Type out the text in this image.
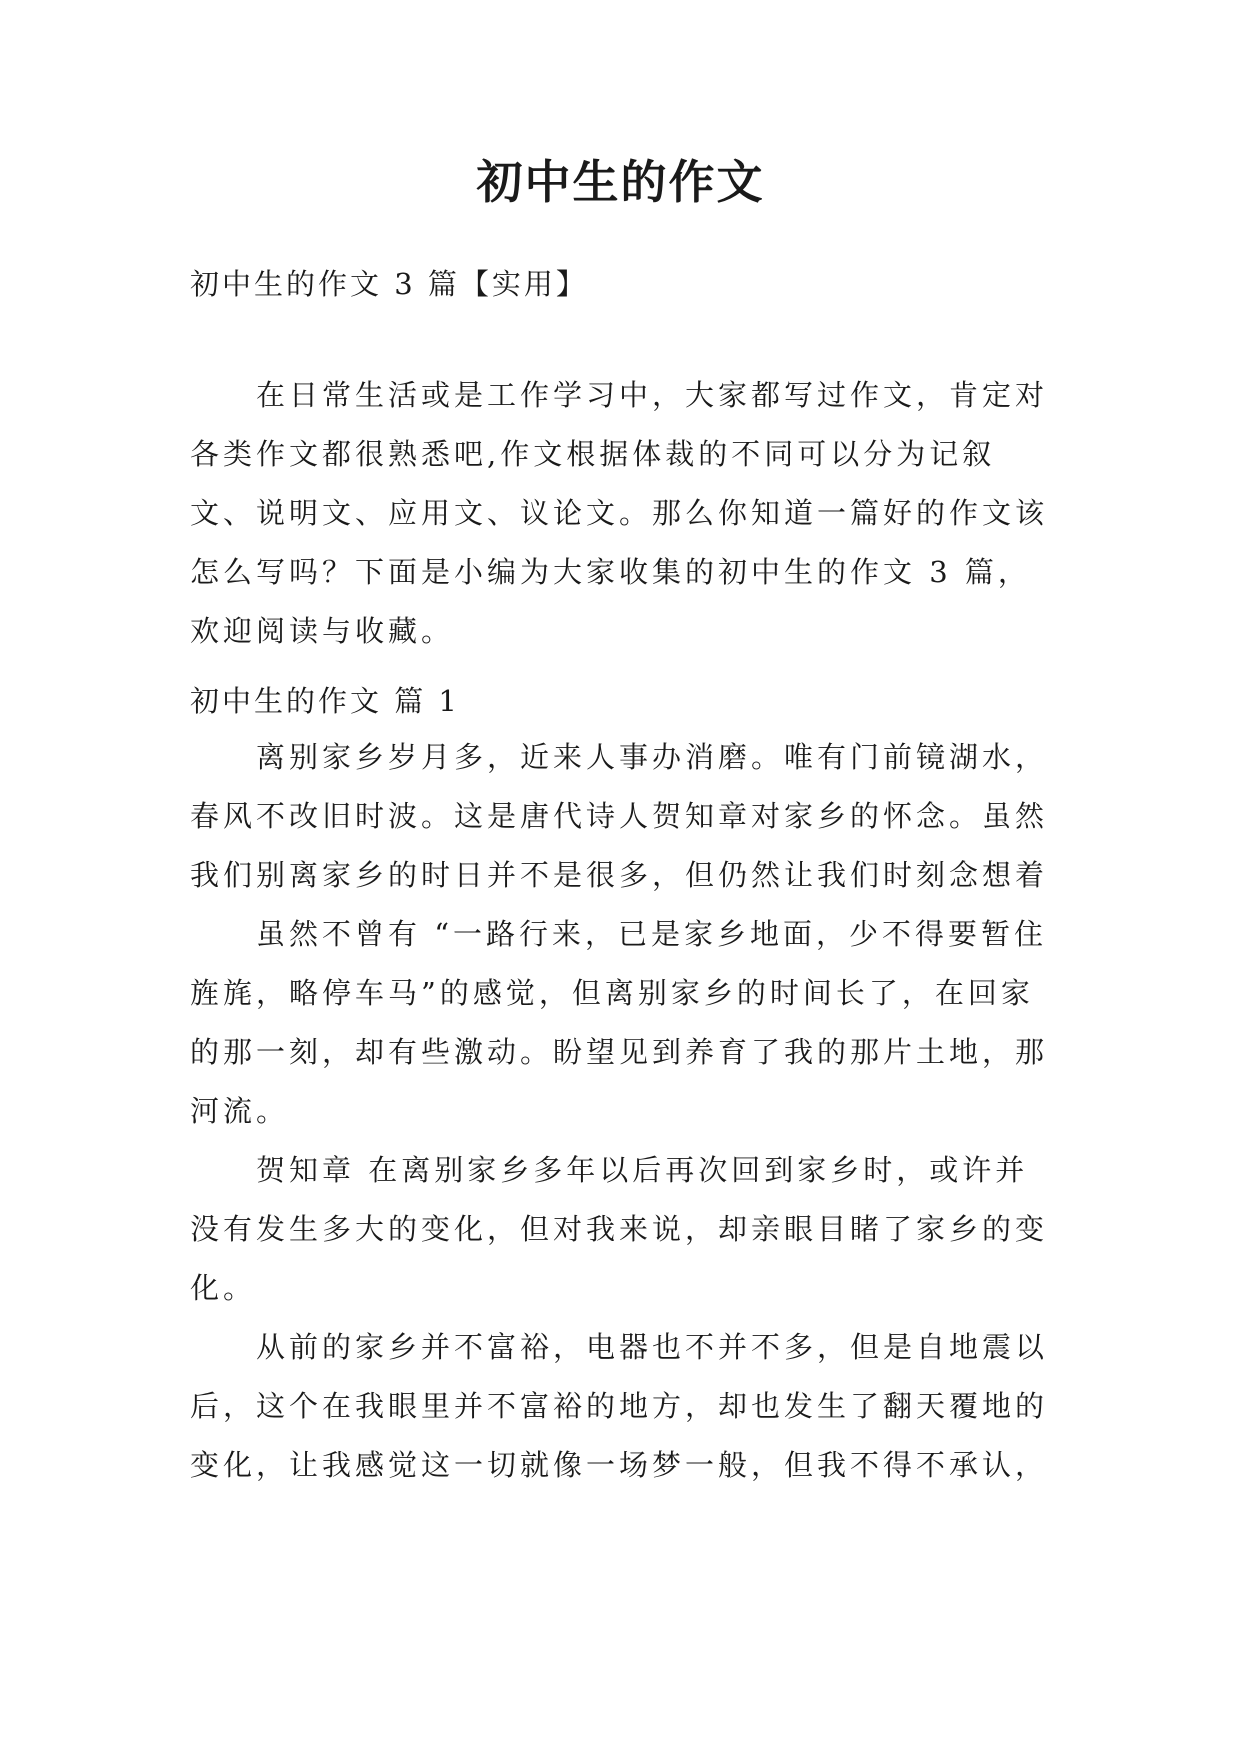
初中生的作文

初中生的作文 3 篇【实用】

在日常生活或是工作学习中，大家都写过作文，肯定对各类作文都很熟悉吧,作文根据体裁的不同可以分为记叙文、说明文、应用文、议论文。那么你知道一篇好的作文该怎么写吗？下面是小编为大家收集的初中生的作文 3 篇，欢迎阅读与收藏。

初中生的作文 篇 1

离别家乡岁月多，近来人事办消磨。唯有门前镜湖水，春风不改旧时波。这是唐代诗人贺知章对家乡的怀念。虽然我们别离家乡的时日并不是很多，但仍然让我们时刻念想着

虽然不曾有 “一路行来，已是家乡地面，少不得要暂住旌旄，略停车马”的感觉，但离别家乡的时间长了，在回家的那一刻，却有些激动。盼望见到养育了我的那片土地，那河流。

贺知章 在离别家乡多年以后再次回到家乡时，或许并没有发生多大的变化，但对我来说，却亲眼目睹了家乡的变化。

从前的家乡并不富裕，电器也不并不多，但是自地震以后，这个在我眼里并不富裕的地方，却也发生了翻天覆地的变化，让我感觉这一切就像一场梦一般，但我不得不承认，
